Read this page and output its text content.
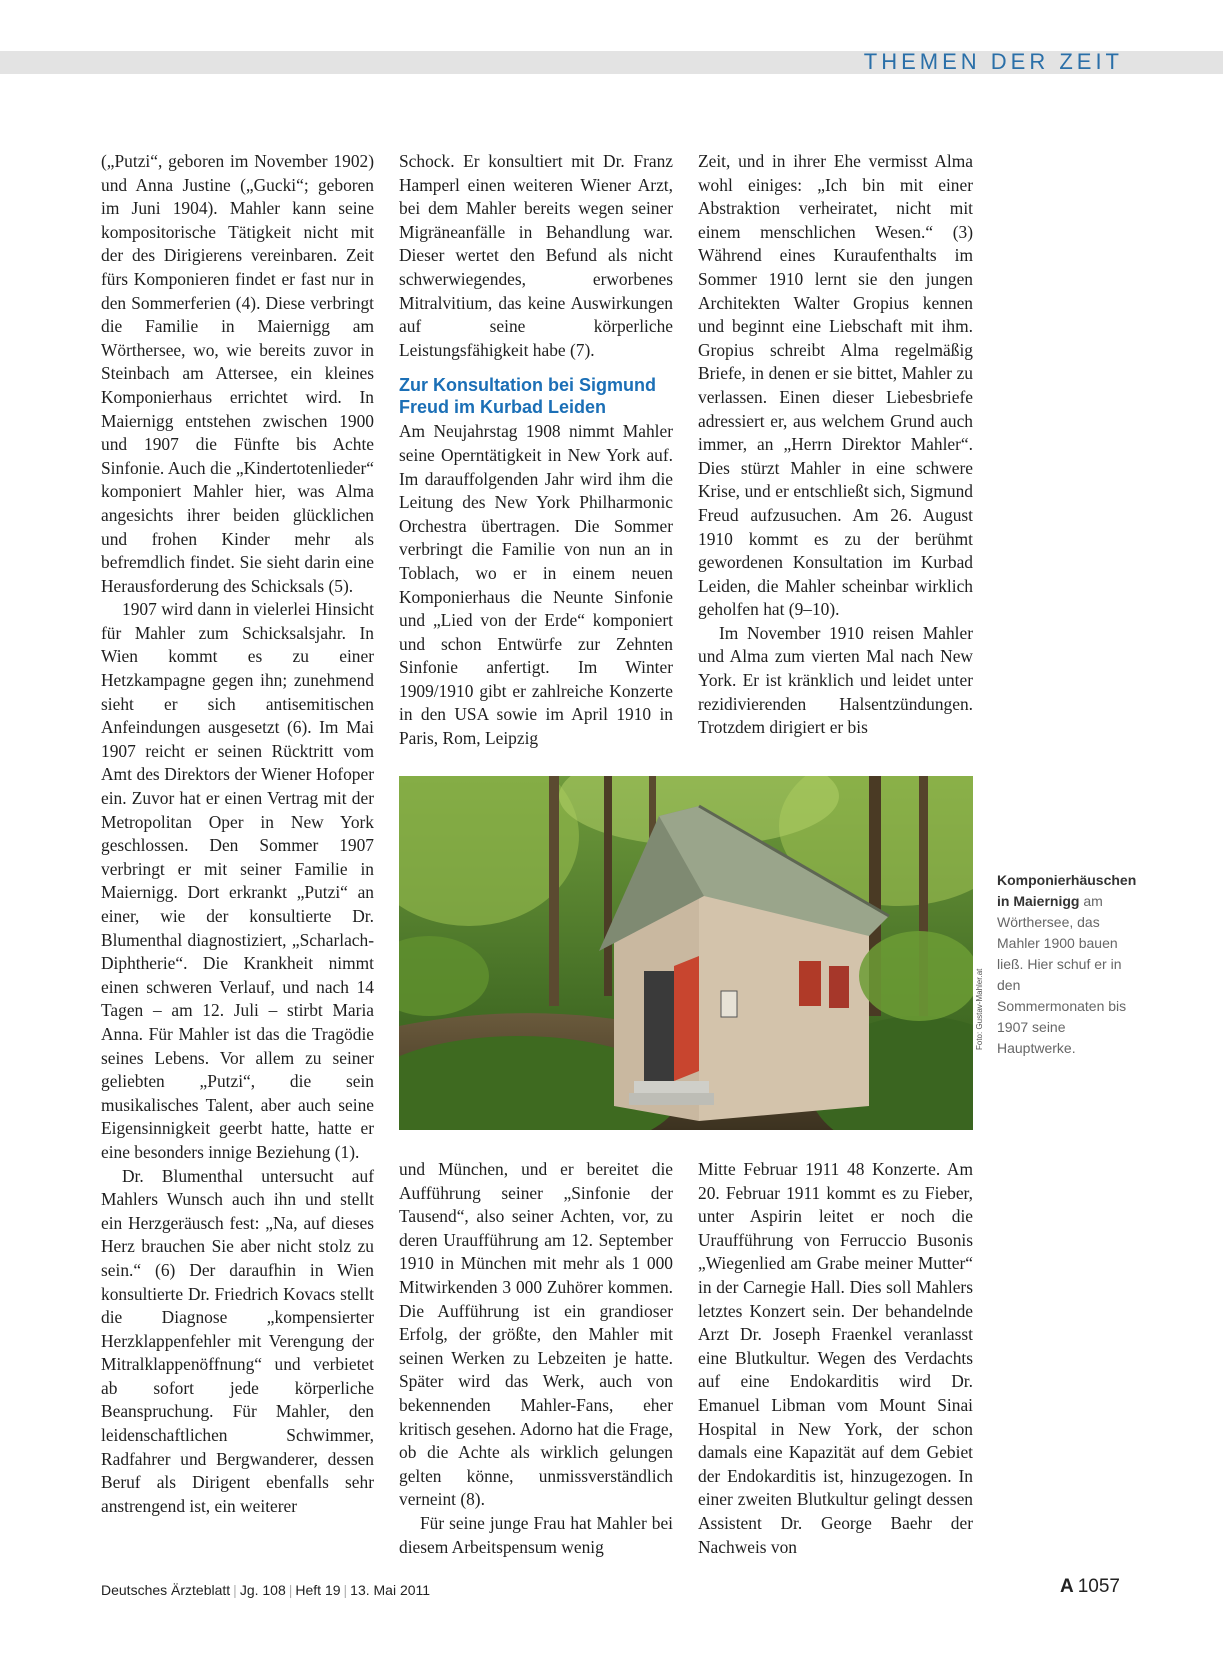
THEMEN DER ZEIT

(„Putzi“, geboren im November 1902) und Anna Justine („Gucki“; geboren im Juni 1904). Mahler kann seine kompositorische Tätigkeit nicht mit der des Dirigierens vereinbaren. Zeit fürs Komponieren findet er fast nur in den Sommerferien (4). Diese verbringt die Familie in Maiernigg am Wörthersee, wo, wie bereits zuvor in Steinbach am Attersee, ein kleines Komponierhaus errichtet wird. In Maiernigg entstehen zwischen 1900 und 1907 die Fünfte bis Achte Sinfonie. Auch die „Kindertotenlieder“ komponiert Mahler hier, was Alma angesichts ihrer beiden glücklichen und frohen Kinder mehr als befremdlich findet. Sie sieht darin eine Herausforderung des Schicksals (5).

1907 wird dann in vielerlei Hinsicht für Mahler zum Schicksalsjahr. In Wien kommt es zu einer Hetzkampagne gegen ihn; zunehmend sieht er sich antisemitischen Anfeindungen ausgesetzt (6). Im Mai 1907 reicht er seinen Rücktritt vom Amt des Direktors der Wiener Hofoper ein. Zuvor hat er einen Vertrag mit der Metropolitan Oper in New York geschlossen. Den Sommer 1907 verbringt er mit seiner Familie in Maiernigg. Dort erkrankt „Putzi“ an einer, wie der konsultierte Dr. Blumenthal diagnostiziert, „Scharlach-Diphtherie“. Die Krankheit nimmt einen schweren Verlauf, und nach 14 Tagen – am 12. Juli – stirbt Maria Anna. Für Mahler ist das die Tragödie seines Lebens. Vor allem zu seiner geliebten „Putzi“, die sein musikalisches Talent, aber auch seine Eigensinnigkeit geerbt hatte, hatte er eine besonders innige Beziehung (1).

Dr. Blumenthal untersucht auf Mahlers Wunsch auch ihn und stellt ein Herzgeräusch fest: „Na, auf dieses Herz brauchen Sie aber nicht stolz zu sein.“ (6) Der daraufhin in Wien konsultierte Dr. Friedrich Kovacs stellt die Diagnose „kompensierter Herzklappenfehler mit Verengung der Mitralklappenöffnung“ und verbietet ab sofort jede körperliche Beanspruchung. Für Mahler, den leidenschaftlichen Schwimmer, Radfahrer und Bergwanderer, dessen Beruf als Dirigent ebenfalls sehr anstrengend ist, ein weiterer

Schock. Er konsultiert mit Dr. Franz Hamperl einen weiteren Wiener Arzt, bei dem Mahler bereits wegen seiner Migräneanfälle in Behandlung war. Dieser wertet den Befund als nicht schwerwiegendes, erworbenes Mitralvitium, das keine Auswirkungen auf seine körperliche Leistungsfähigkeit habe (7).

Zur Konsultation bei Sigmund Freud im Kurbad Leiden

Am Neujahrstag 1908 nimmt Mahler seine Operntätigkeit in New York auf. Im darauffolgenden Jahr wird ihm die Leitung des New York Philharmonic Orchestra übertragen. Die Sommer verbringt die Familie von nun an in Toblach, wo er in einem neuen Komponierhaus die Neunte Sinfonie und „Lied von der Erde“ komponiert und schon Entwürfe zur Zehnten Sinfonie anfertigt. Im Winter 1909/1910 gibt er zahlreiche Konzerte in den USA sowie im April 1910 in Paris, Rom, Leipzig

Zeit, und in ihrer Ehe vermisst Alma wohl einiges: „Ich bin mit einer Abstraktion verheiratet, nicht mit einem menschlichen Wesen.“ (3) Während eines Kuraufenthalts im Sommer 1910 lernt sie den jungen Architekten Walter Gropius kennen und beginnt eine Liebschaft mit ihm. Gropius schreibt Alma regelmäßig Briefe, in denen er sie bittet, Mahler zu verlassen. Einen dieser Liebesbriefe adressiert er, aus welchem Grund auch immer, an „Herrn Direktor Mahler“. Dies stürzt Mahler in eine schwere Krise, und er entschließt sich, Sigmund Freud aufzusuchen. Am 26. August 1910 kommt es zu der berühmt gewordenen Konsultation im Kurbad Leiden, die Mahler scheinbar wirklich geholfen hat (9–10).

Im November 1910 reisen Mahler und Alma zum vierten Mal nach New York. Er ist kränklich und leidet unter rezidivierenden Halsentzündungen. Trotzdem dirigiert er bis

Foto: Gustav-Mahler.at
Komponierhäuschen in Maiernigg am Wörthersee, das Mahler 1900 bauen ließ. Hier schuf er in den Sommermonaten bis 1907 seine Hauptwerke.

und München, und er bereitet die Aufführung seiner „Sinfonie der Tausend“, also seiner Achten, vor, zu deren Uraufführung am 12. September 1910 in München mit mehr als 1 000 Mitwirkenden 3 000 Zuhörer kommen. Die Aufführung ist ein grandioser Erfolg, der größte, den Mahler mit seinen Werken zu Lebzeiten je hatte. Später wird das Werk, auch von bekennenden Mahler-Fans, eher kritisch gesehen. Adorno hat die Frage, ob die Achte als wirklich gelungen gelten könne, unmissverständlich verneint (8).

Für seine junge Frau hat Mahler bei diesem Arbeitspensum wenig

Mitte Februar 1911 48 Konzerte. Am 20. Februar 1911 kommt es zu Fieber, unter Aspirin leitet er noch die Uraufführung von Ferruccio Busonis „Wiegenlied am Grabe meiner Mutter“ in der Carnegie Hall. Dies soll Mahlers letztes Konzert sein. Der behandelnde Arzt Dr. Joseph Fraenkel veranlasst eine Blutkultur. Wegen des Verdachts auf eine Endokarditis wird Dr. Emanuel Libman vom Mount Sinai Hospital in New York, der schon damals eine Kapazität auf dem Gebiet der Endokarditis ist, hinzugezogen. In einer zweiten Blutkultur gelingt dessen Assistent Dr. George Baehr der Nachweis von

Deutsches Ärzteblatt | Jg. 108 | Heft 19 | 13. Mai 2011	A 1057
